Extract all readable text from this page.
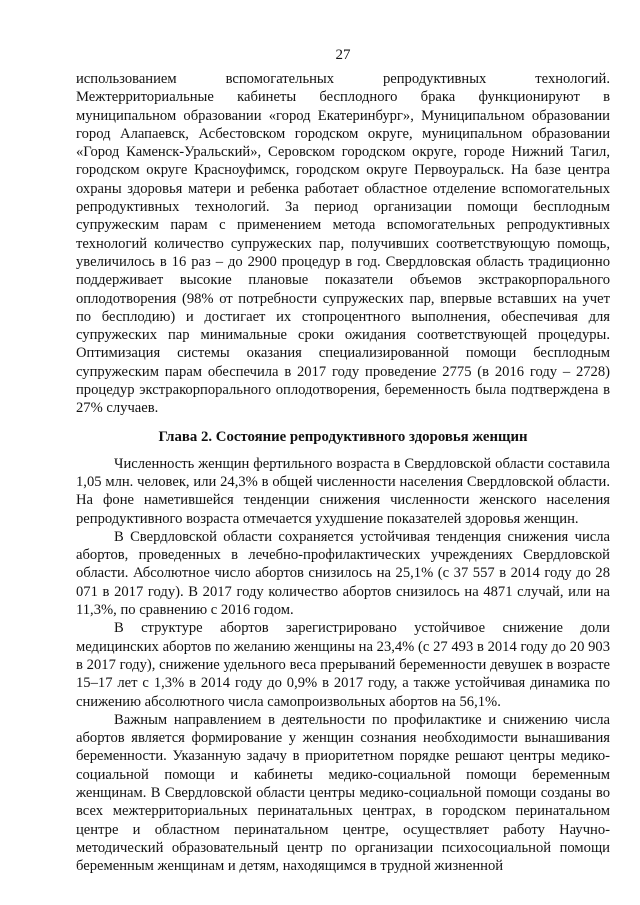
27

использованием вспомогательных репродуктивных технологий. Межтерриториальные кабинеты бесплодного брака функционируют в муниципальном образовании «город Екатеринбург», Муниципальном образовании город Алапаевск, Асбестовском городском округе, муниципальном образовании «Город Каменск-Уральский», Серовском городском округе, городе Нижний Тагил, городском округе Красноуфимск, городском округе Первоуральск. На базе центра охраны здоровья матери и ребенка работает областное отделение вспомогательных репродуктивных технологий. За период организации помощи бесплодным супружеским парам с применением метода вспомогательных репродуктивных технологий количество супружеских пар, получивших соответствующую помощь, увеличилось в 16 раз – до 2900 процедур в год. Свердловская область традиционно поддерживает высокие плановые показатели объемов экстракорпорального оплодотворения (98% от потребности супружеских пар, впервые вставших на учет по бесплодию) и достигает их стопроцентного выполнения, обеспечивая для супружеских пар минимальные сроки ожидания соответствующей процедуры. Оптимизация системы оказания специализированной помощи бесплодным супружеским парам обеспечила в 2017 году проведение 2775 (в 2016 году – 2728) процедур экстракорпорального оплодотворения, беременность была подтверждена в 27% случаев.

Глава 2. Состояние репродуктивного здоровья женщин

Численность женщин фертильного возраста в Свердловской области составила 1,05 млн. человек, или 24,3% в общей численности населения Свердловской области. На фоне наметившейся тенденции снижения численности женского населения репродуктивного возраста отмечается ухудшение показателей здоровья женщин.

В Свердловской области сохраняется устойчивая тенденция снижения числа абортов, проведенных в лечебно-профилактических учреждениях Свердловской области. Абсолютное число абортов снизилось на 25,1% (с 37 557 в 2014 году до 28 071 в 2017 году). В 2017 году количество абортов снизилось на 4871 случай, или на 11,3%, по сравнению с 2016 годом.

В структуре абортов зарегистрировано устойчивое снижение доли медицинских абортов по желанию женщины на 23,4% (с 27 493 в 2014 году до 20 903 в 2017 году), снижение удельного веса прерываний беременности девушек в возрасте 15–17 лет с 1,3% в 2014 году до 0,9% в 2017 году, а также устойчивая динамика по снижению абсолютного числа самопроизвольных абортов на 56,1%.

Важным направлением в деятельности по профилактике и снижению числа абортов является формирование у женщин сознания необходимости вынашивания беременности. Указанную задачу в приоритетном порядке решают центры медико-социальной помощи и кабинеты медико-социальной помощи беременным женщинам. В Свердловской области центры медико-социальной помощи созданы во всех межтерриториальных перинатальных центрах, в городском перинатальном центре и областном перинатальном центре, осуществляет работу Научно-методический образовательный центр по организации психосоциальной помощи беременным женщинам и детям, находящимся в трудной жизненной
